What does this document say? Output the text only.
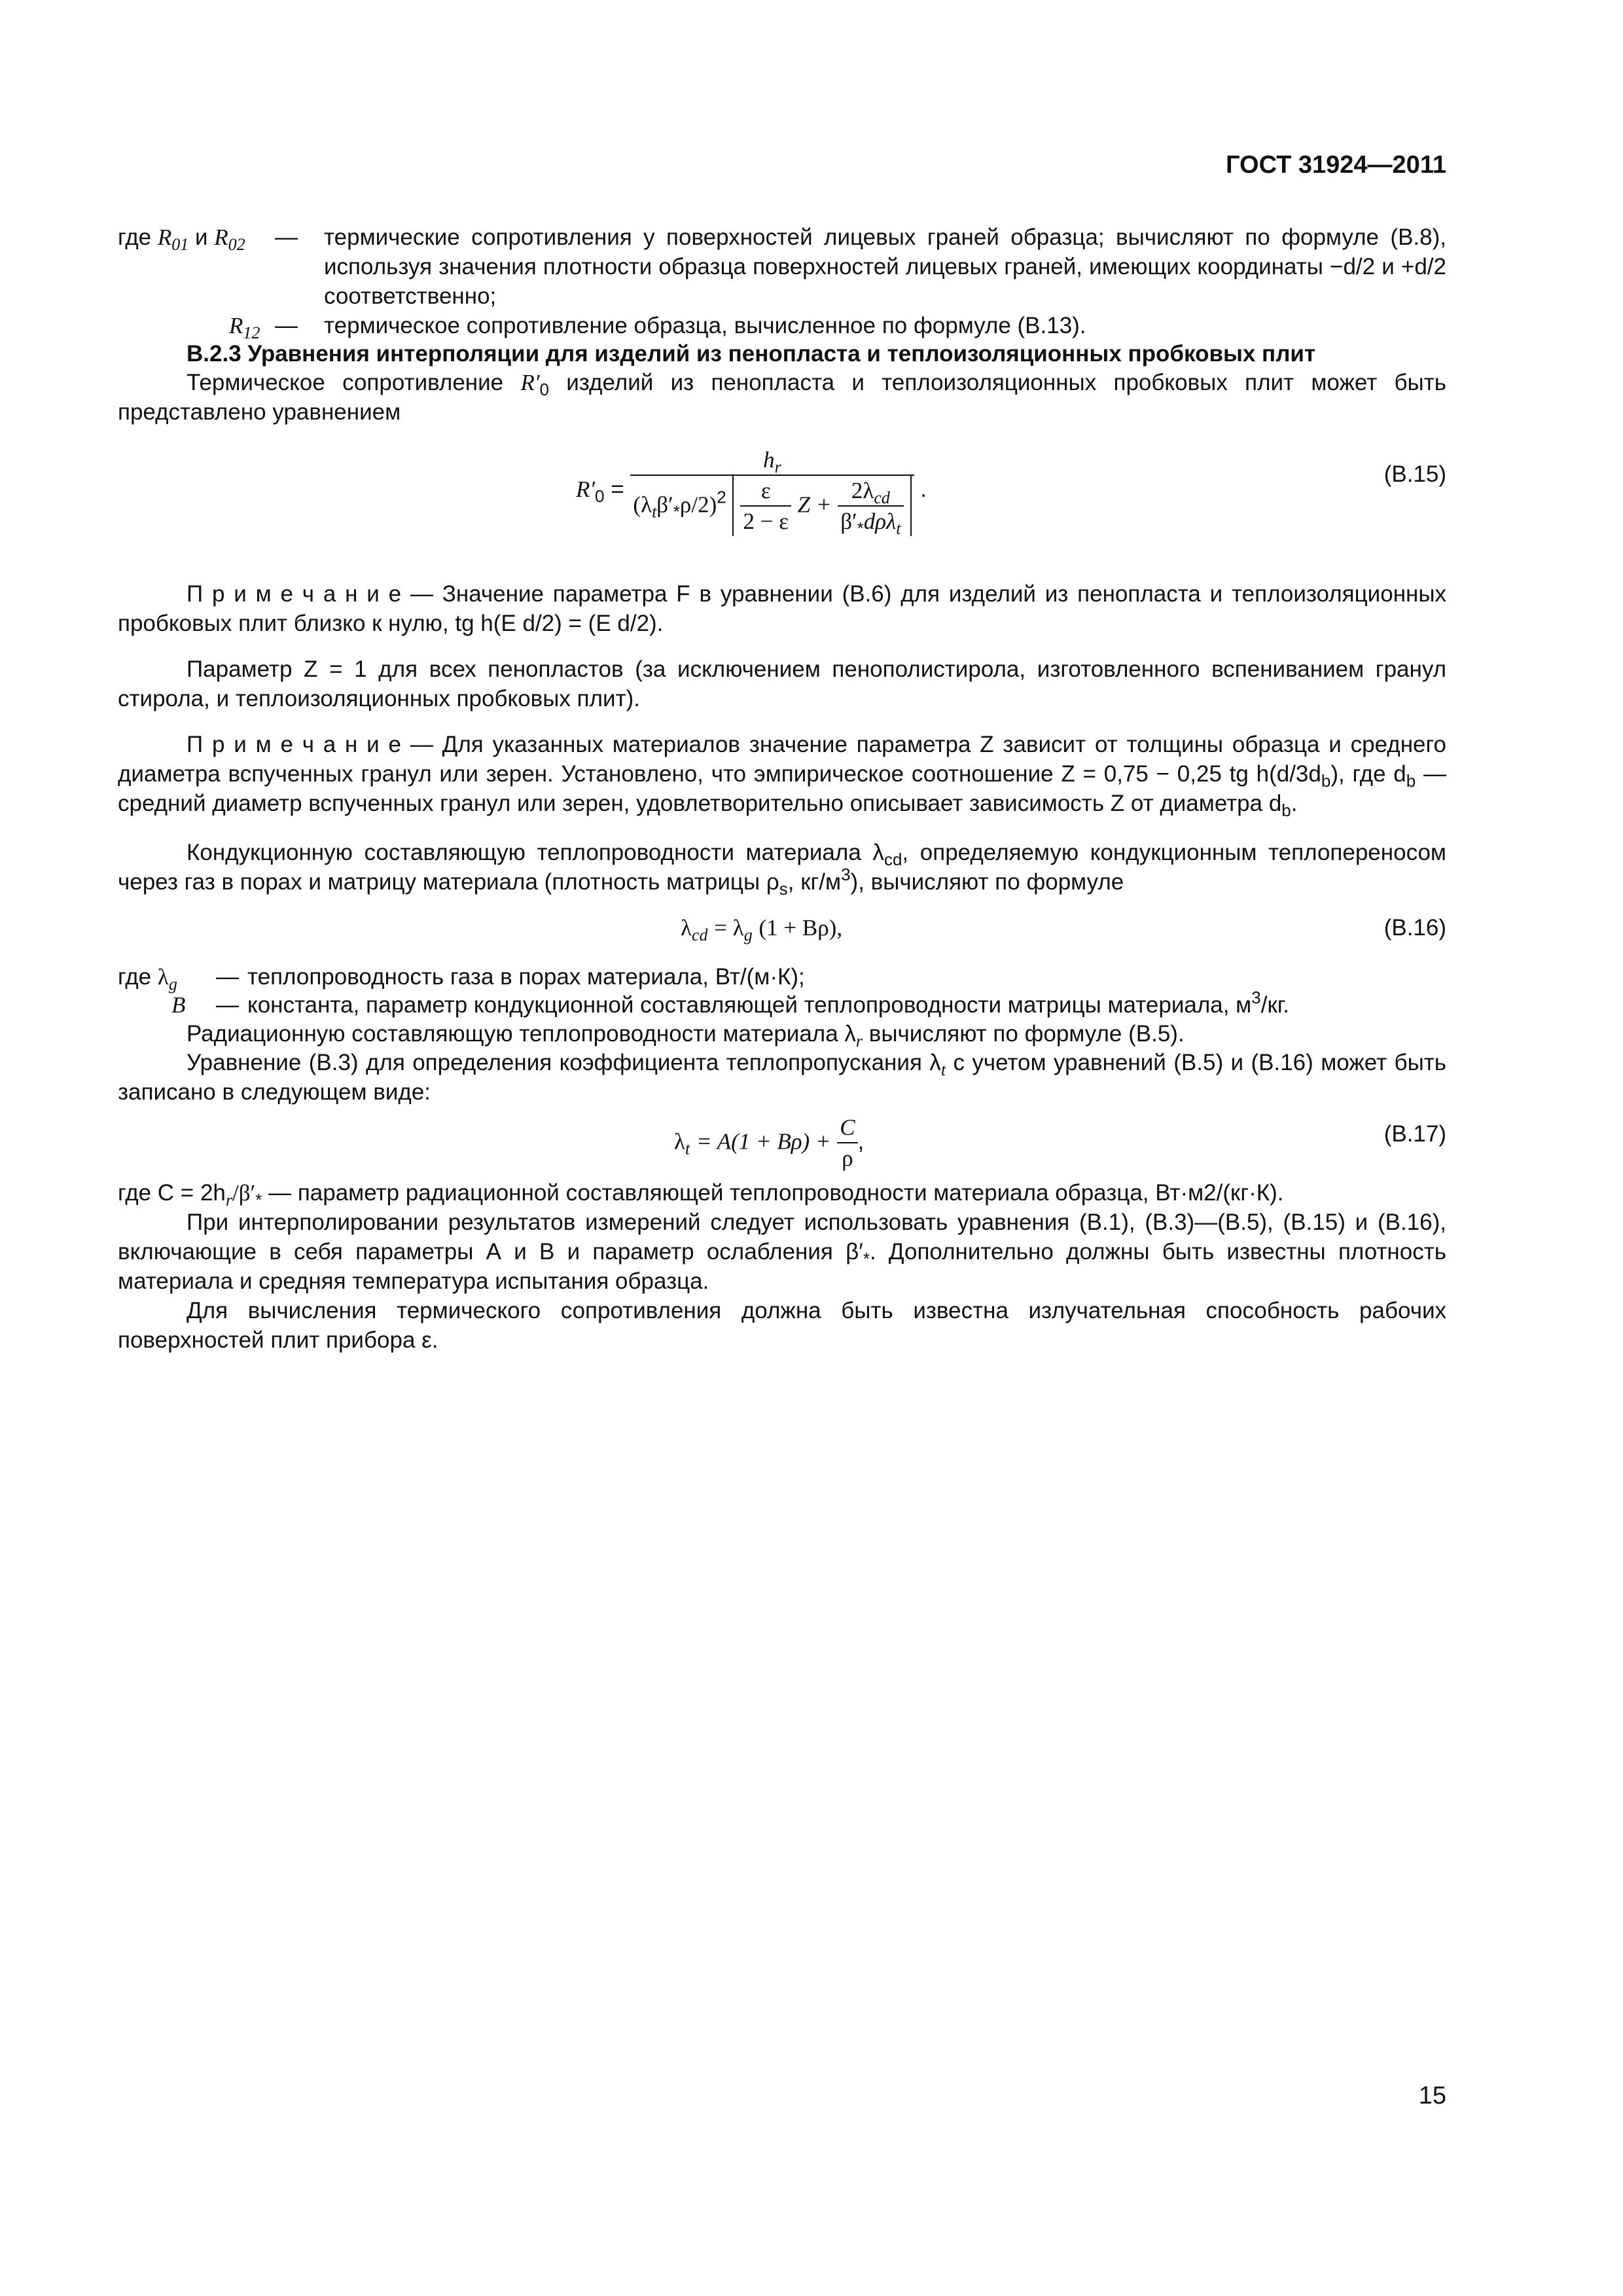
ГОСТ 31924—2011
где $R_{01}$ и $R_{02}$ — термические сопротивления у поверхностей лицевых граней образца; вычисляют по формуле (В.8), используя значения плотности образца поверхностей лицевых граней, имеющих координаты −d/2 и +d/2 соответственно;
$R_{12}$ — термическое сопротивление образца, вычисленное по формуле (В.13).
В.2.3 Уравнения интерполяции для изделий из пенопласта и теплоизоляционных пробковых плит
Термическое сопротивление $R'_0$ изделий из пенопласта и теплоизоляционных пробковых плит может быть представлено уравнением
$R'_0$ =
$h_r$
$(\lambda_t\beta'_*\rho/2)^2 \frac{\varepsilon}{2 - \varepsilon}$ $Z + \frac{2\lambda_{cd}}{\beta'_*d\rho\lambda_t}$ .
(В.15)
П р и м е ч а н и е — Значение параметра F в уравнении (В.6) для изделий из пенопласта и теплоизоляционных пробковых плит близко к нулю, tg h(E d/2) = (E d/2).
Параметр Z = 1 для всех пенопластов (за исключением пенополистирола, изготовленного вспениванием гранул стирола, и теплоизоляционных пробковых плит).
П р и м е ч а н и е — Для указанных материалов значение параметра Z зависит от толщины образца и среднего диаметра вспученных гранул или зерен. Установлено, что эмпирическое соотношение Z = 0,75 − 0,25 tg $h(d/3d_b)$, где $d_b$ — средний диаметр вспученных гранул или зерен, удовлетворительно описывает зависимость Z от диаметра $d_b$.
Кондукционную составляющую теплопроводности материала $\lambda_{cd}$, определяемую кондукционным теплопереносом через газ в порах и матрицу материала (плотность матрицы $\rho_s$, $кг/м^3$), вычисляют по формуле
$\lambda_{cd} = \lambda_g$ (1 + Bρ),	(В.16)
где $\lambda_g$ — теплопроводность газа в порах материала, Вт/(м·К);
B — константа, параметр кондукционной составляющей теплопроводности матрицы материала, $м^3/кг$.
Радиационную составляющую теплопроводности материала $\lambda_r$ вычисляют по формуле (В.5).
Уравнение (В.3) для определения коэффициента теплопропускания $\lambda_t$ с учетом уравнений (В.5) и (В.16) может быть записано в следующем виде:
$\lambda_t = A(1 + B\rho) + \frac{C}{\rho}$ ,	(В.17)
где $C = 2h_r/\beta'_*$ — параметр радиационной составляющей теплопроводности материала образца, Вт·м2/(кг·К).
При интерполировании результатов измерений следует использовать уравнения (В.1), (В.3)—(В.5), (В.15) и (В.16), включающие в себя параметры А и В и параметр ослабления $\beta'_*$. Дополнительно должны быть известны плотность материала и средняя температура испытания образца.
Для вычисления термического сопротивления должна быть известна излучательная способность рабочих поверхностей плит прибора ε.
15
